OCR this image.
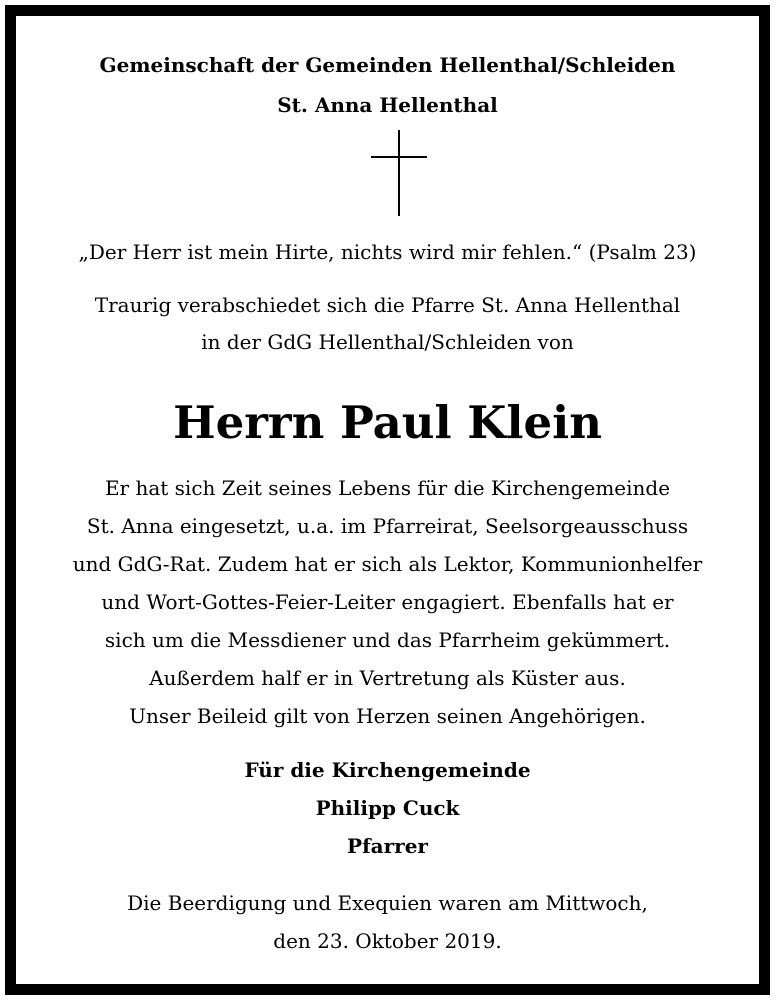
Gemeinschaft der Gemeinden Hellenthal/Schleiden
St. Anna Hellenthal
„Der Herr ist mein Hirte, nichts wird mir fehlen.“ (Psalm 23)
Traurig verabschiedet sich die Pfarre St. Anna Hellenthal
in der GdG Hellenthal/Schleiden von
Herrn Paul Klein
Er hat sich Zeit seines Lebens für die Kirchengemeinde
St. Anna eingesetzt, u.a. im Pfarreirat, Seelsorgeausschuss
und GdG-Rat. Zudem hat er sich als Lektor, Kommunionhelfer
und Wort-Gottes-Feier-Leiter engagiert. Ebenfalls hat er
sich um die Messdiener und das Pfarrheim gekümmert.
Außerdem half er in Vertretung als Küster aus.
Unser Beileid gilt von Herzen seinen Angehörigen.
Für die Kirchengemeinde
Philipp Cuck
Pfarrer
Die Beerdigung und Exequien waren am Mittwoch,
den 23. Oktober 2019.
